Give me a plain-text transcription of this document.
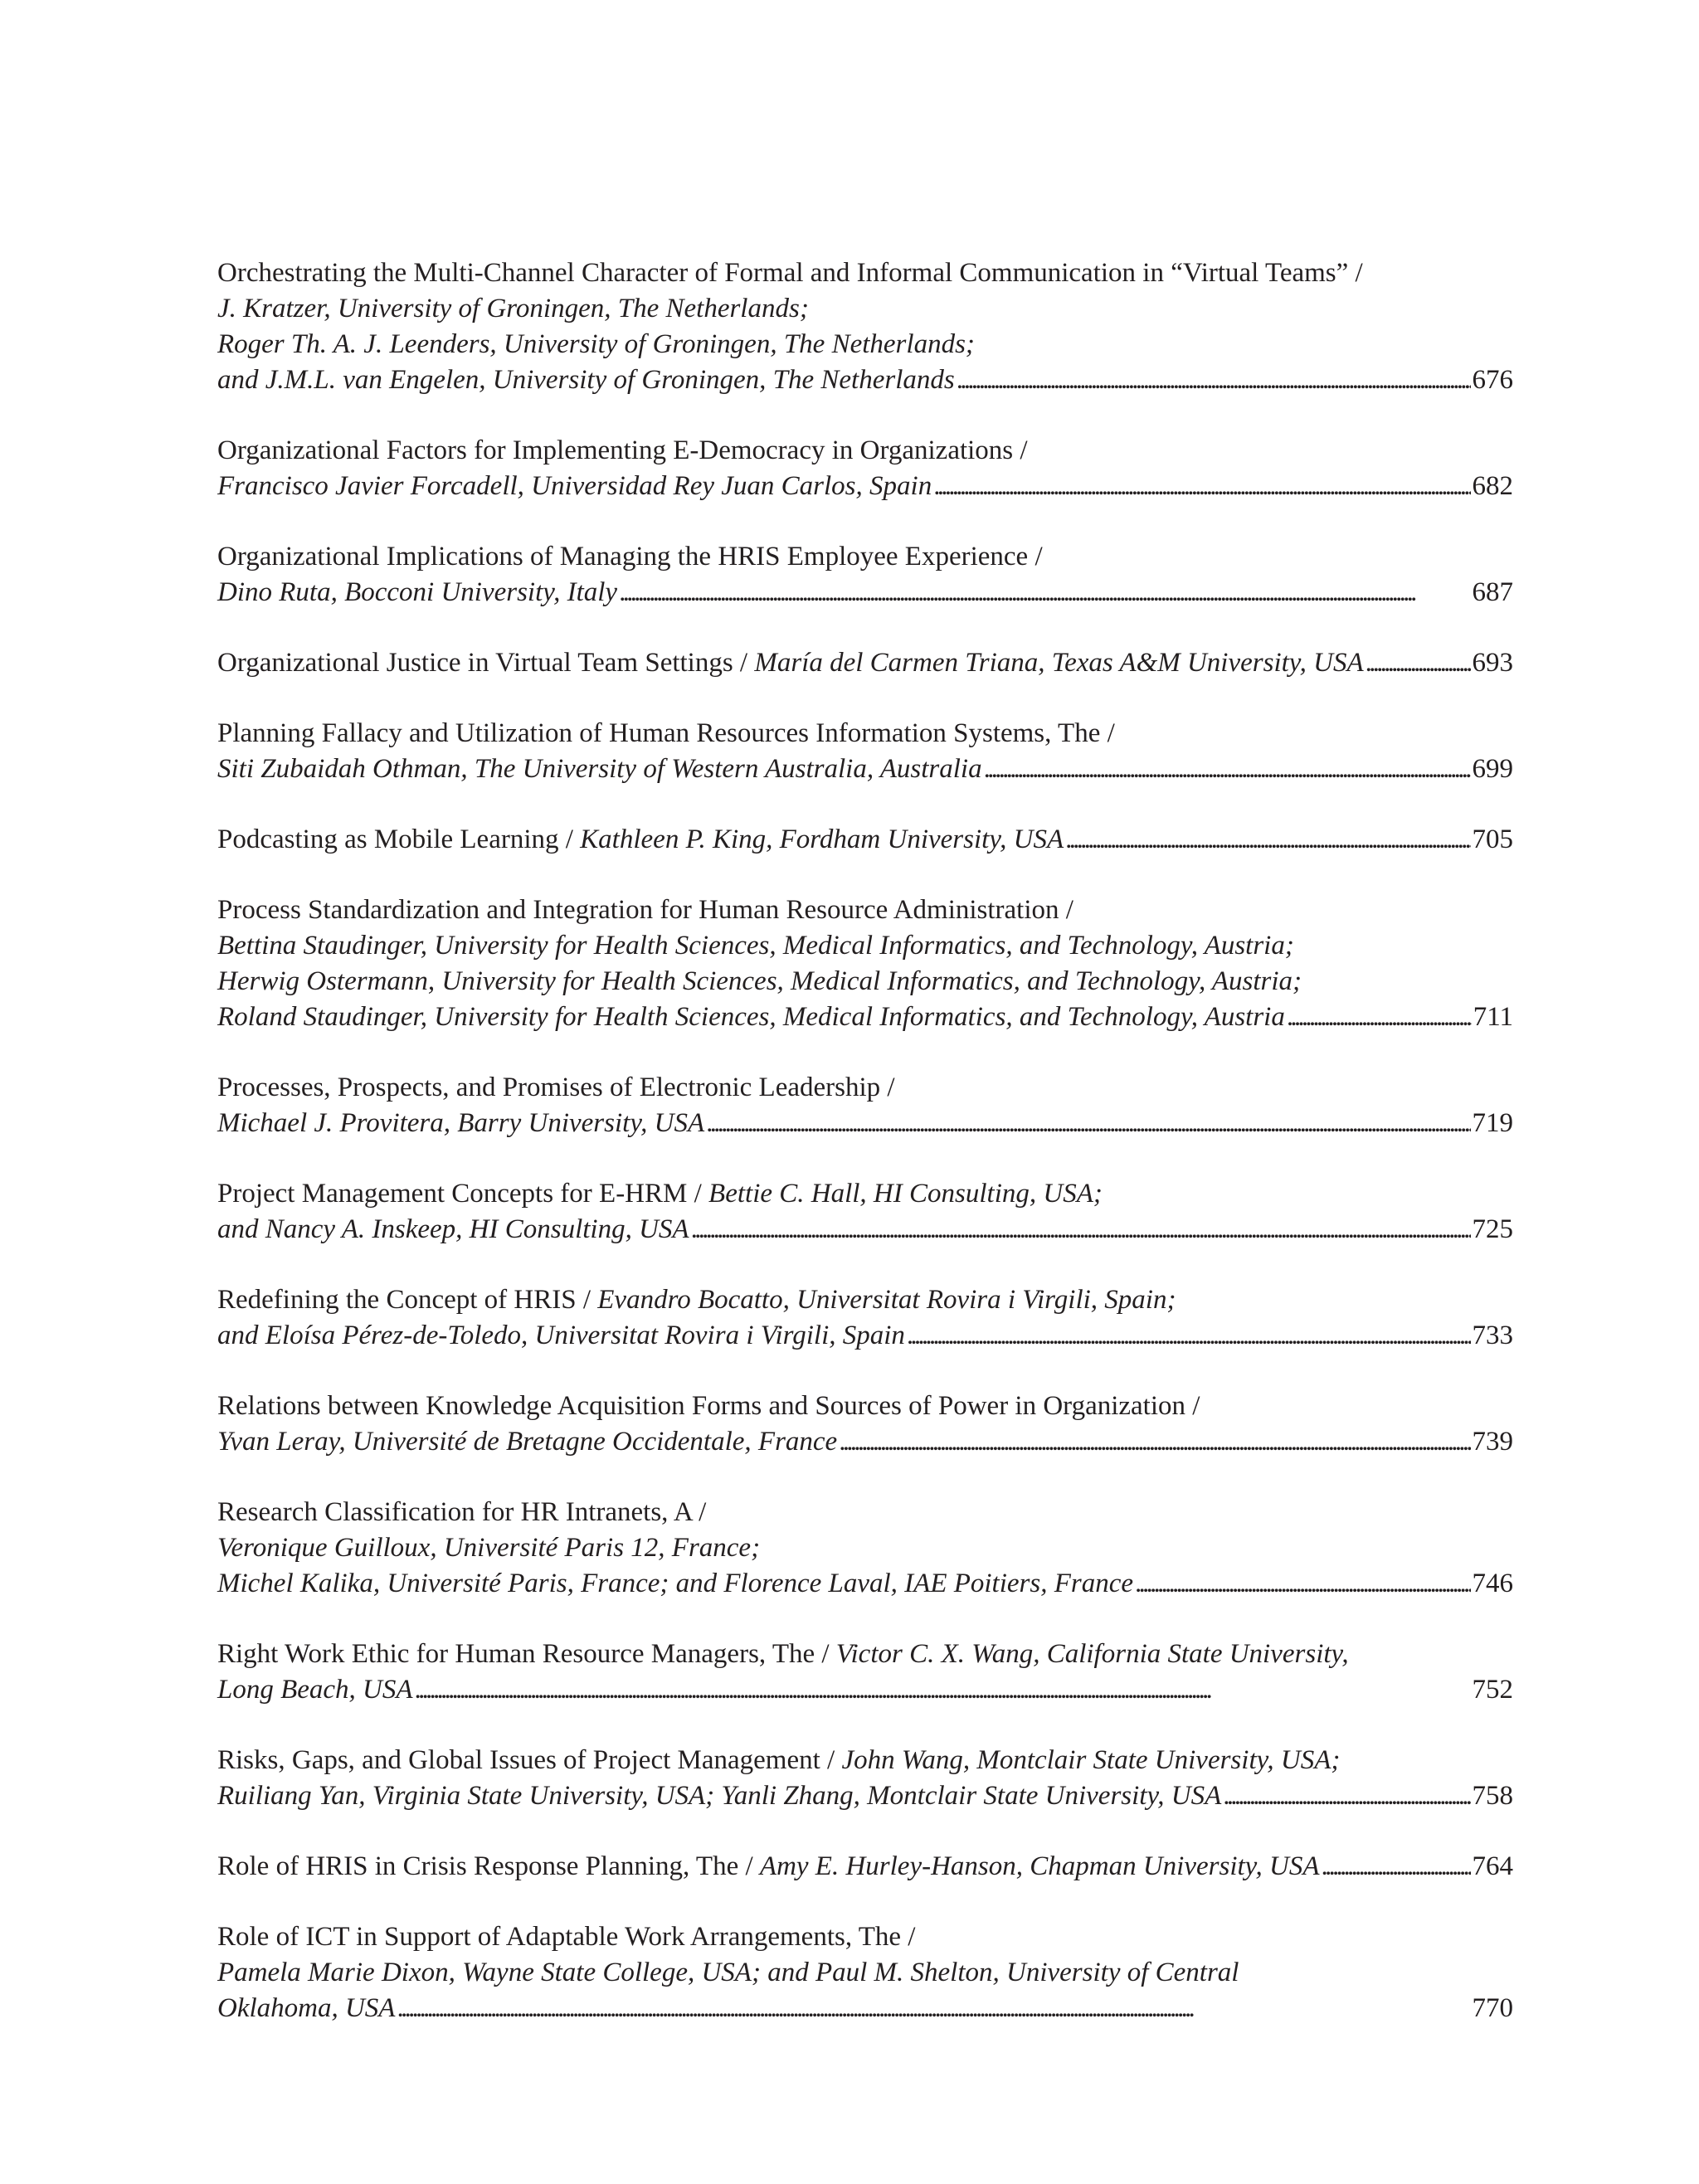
Orchestrating the Multi-Channel Character of Formal and Informal Communication in “Virtual Teams” /
J. Kratzer, University of Groningen, The Netherlands;
Roger Th. A. J. Leenders, University of Groningen, The Netherlands;
and J.M.L. van Engelen, University of Groningen, The Netherlands . . .	676
Organizational Factors for Implementing E-Democracy in Organizations /
Francisco Javier Forcadell, Universidad Rey Juan Carlos, Spain . . .	682
Organizational Implications of Managing the HRIS Employee Experience /
Dino Ruta, Bocconi University, Italy . . .	687
Organizational Justice in Virtual Team Settings / María del Carmen Triana, Texas A&M University, USA . . .	693
Planning Fallacy and Utilization of Human Resources Information Systems, The /
Siti Zubaidah Othman, The University of Western Australia, Australia . . .	699
Podcasting as Mobile Learning / Kathleen P. King, Fordham University, USA . . .	705
Process Standardization and Integration for Human Resource Administration /
Bettina Staudinger, University for Health Sciences, Medical Informatics, and Technology, Austria;
Herwig Ostermann, University for Health Sciences, Medical Informatics, and Technology, Austria;
Roland Staudinger, University for Health Sciences, Medical Informatics, and Technology, Austria . . .	711
Processes, Prospects, and Promises of Electronic Leadership /
Michael J. Provitera, Barry University, USA . . .	719
Project Management Concepts for E-HRM / Bettie C. Hall, HI Consulting, USA;
and Nancy A. Inskeep, HI Consulting, USA . . .	725
Redefining the Concept of HRIS / Evandro Bocatto, Universitat Rovira i Virgili, Spain;
and Eloísa Pérez-de-Toledo, Universitat Rovira i Virgili, Spain . . .	733
Relations between Knowledge Acquisition Forms and Sources of Power in Organization /
Yvan Leray, Université de Bretagne Occidentale, France . . .	739
Research Classification for HR Intranets, A /
Veronique Guilloux, Université Paris 12, France;
Michel Kalika, Université Paris, France; and Florence Laval, IAE Poitiers, France . . .	746
Right Work Ethic for Human Resource Managers, The / Victor C. X. Wang, California State University,
Long Beach, USA . . .	752
Risks, Gaps, and Global Issues of Project Management / John Wang, Montclair State University, USA;
Ruiliang Yan, Virginia State University, USA; Yanli Zhang, Montclair State University, USA . . .	758
Role of HRIS in Crisis Response Planning, The / Amy E. Hurley-Hanson, Chapman University, USA . . .	764
Role of ICT in Support of Adaptable Work Arrangements, The /
Pamela Marie Dixon, Wayne State College, USA; and Paul M. Shelton, University of Central
Oklahoma, USA . . .	770
